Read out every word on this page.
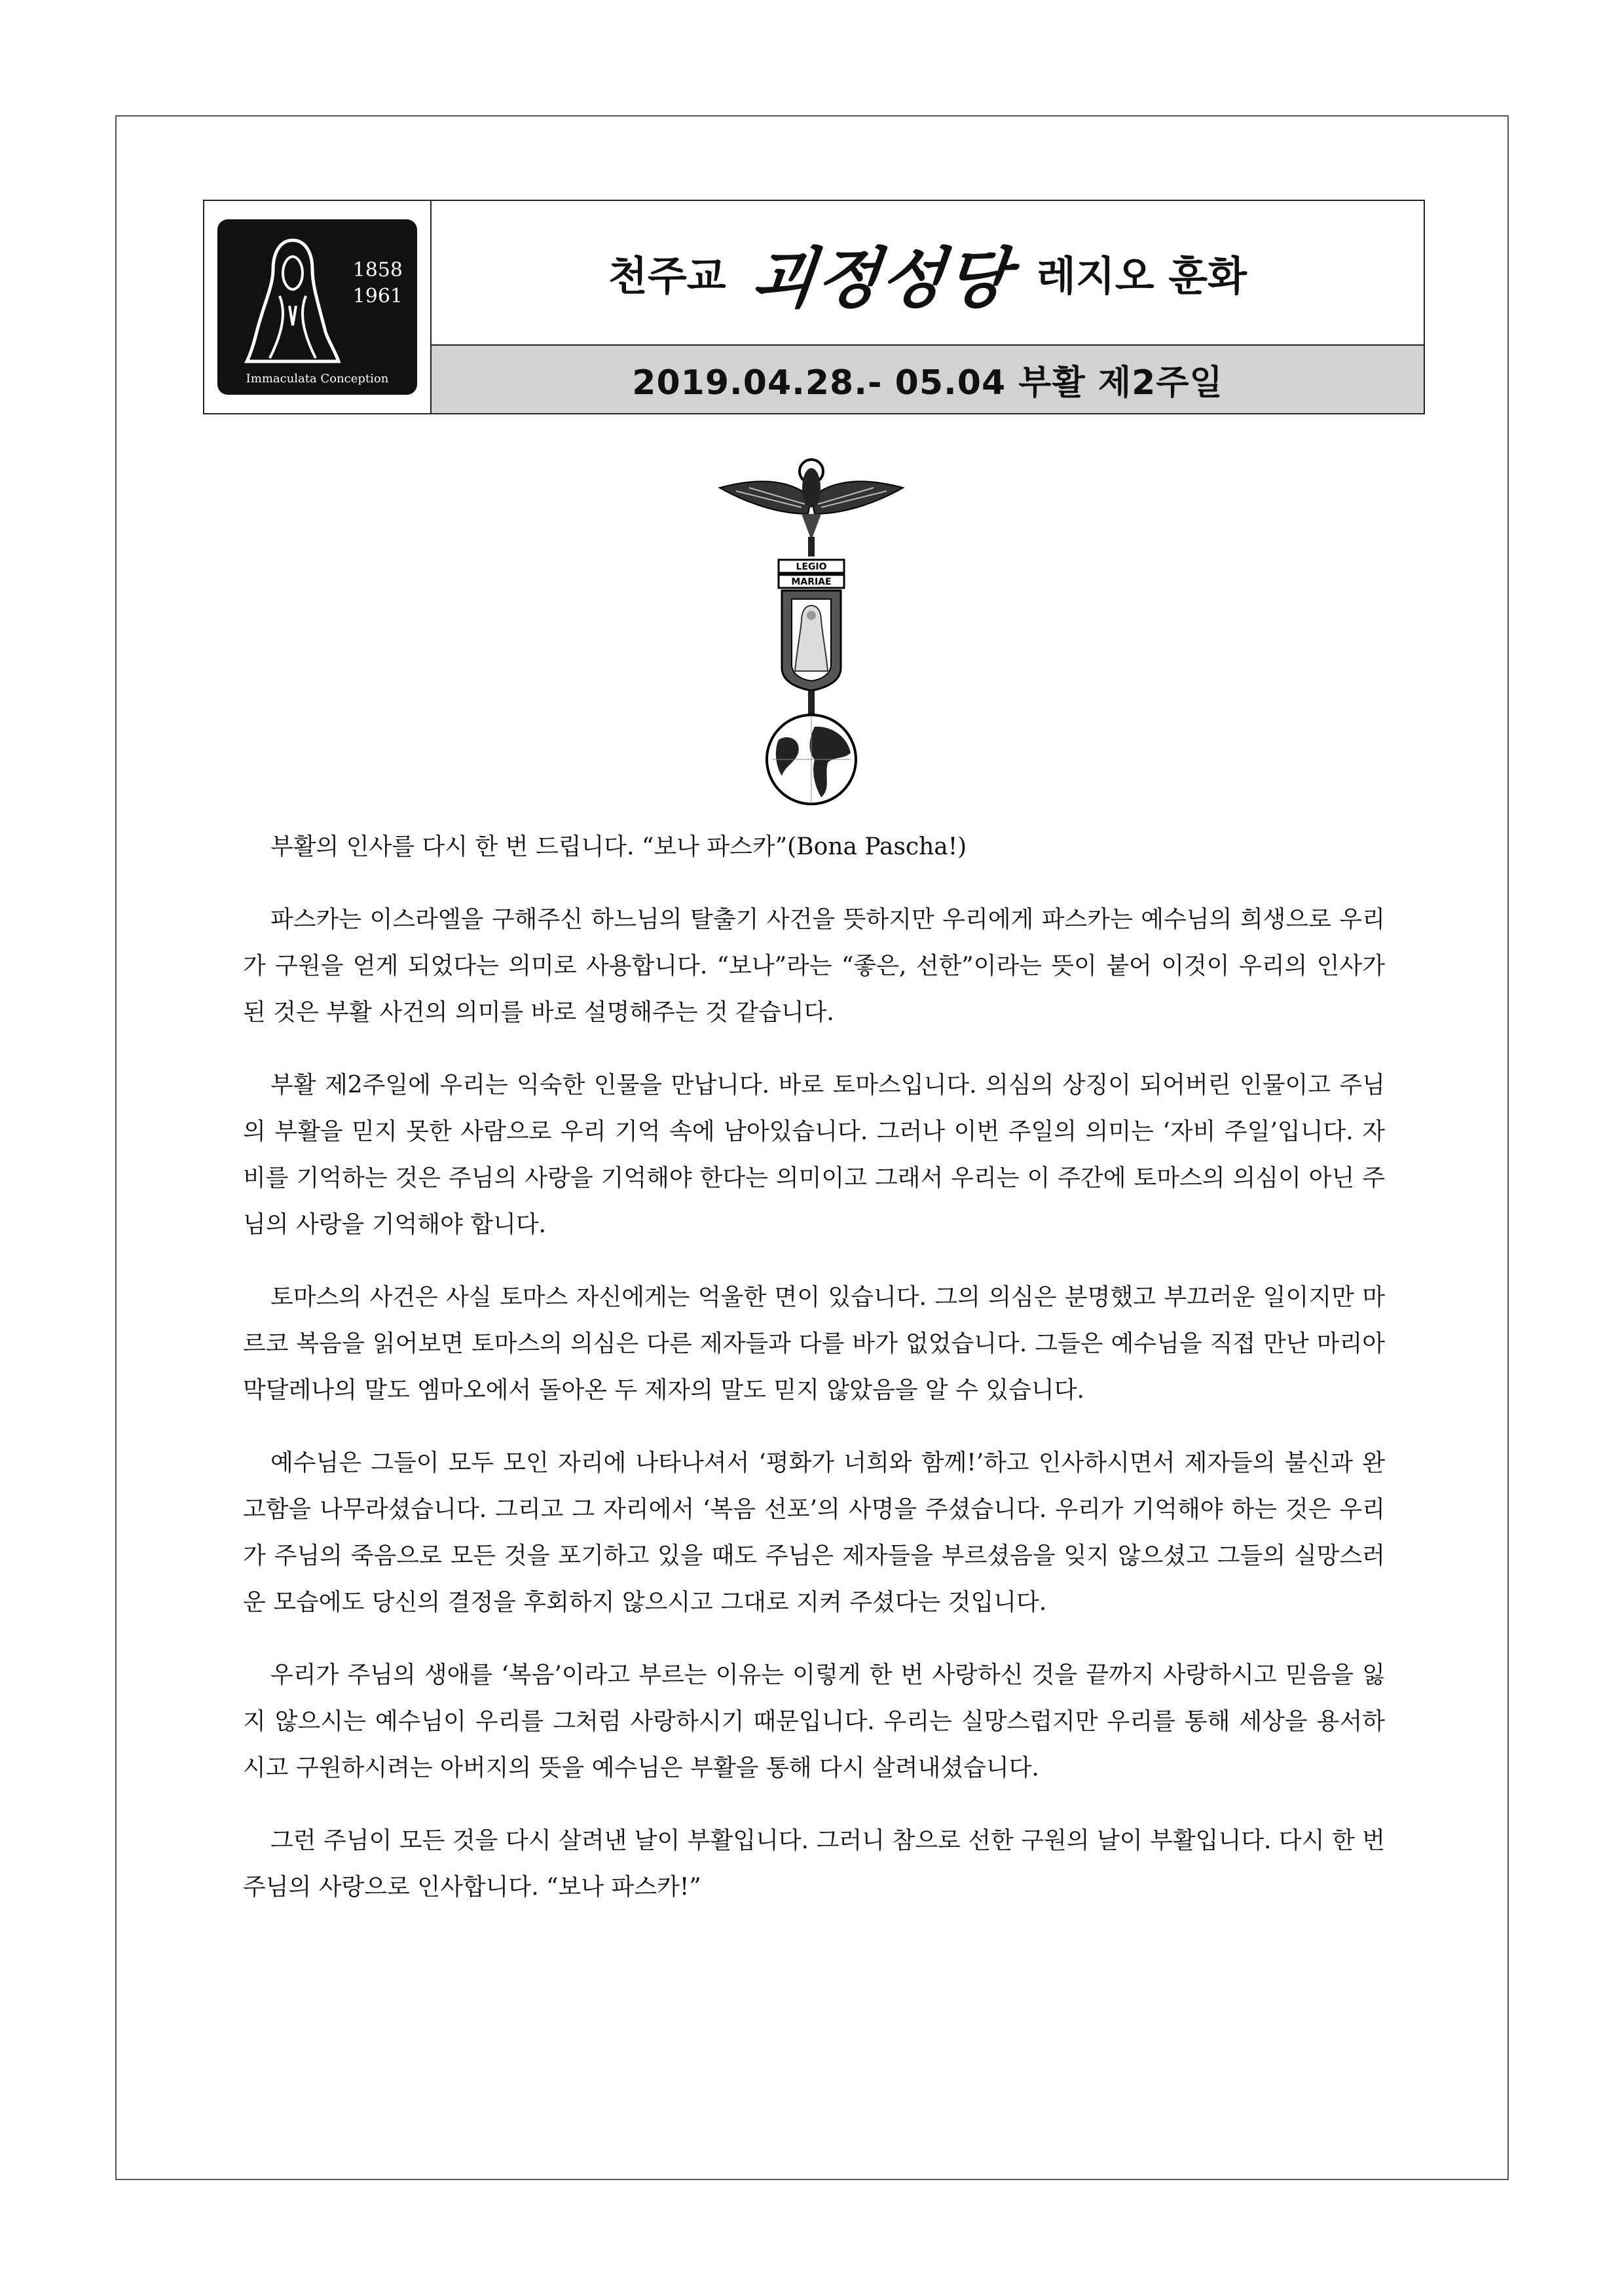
1858
1961
Immaculata Conception
천주교 괴정성당 레지오 훈화
2019.04.28.- 05.04 부활 제2주일
LEGIO
MARIAE

부활의 인사를 다시 한 번 드립니다. “보나 파스카”(Bona Pascha!)

파스카는 이스라엘을 구해주신 하느님의 탈출기 사건을 뜻하지만 우리에게 파스카는 예수님의 희생으로 우리가 구원을 얻게 되었다는 의미로 사용합니다. “보나”라는 “좋은, 선한”이라는 뜻이 붙어 이것이 우리의 인사가 된 것은 부활 사건의 의미를 바로 설명해주는 것 같습니다.

부활 제2주일에 우리는 익숙한 인물을 만납니다. 바로 토마스입니다. 의심의 상징이 되어버린 인물이고 주님의 부활을 믿지 못한 사람으로 우리 기억 속에 남아있습니다. 그러나 이번 주일의 의미는 ‘자비 주일’입니다. 자비를 기억하는 것은 주님의 사랑을 기억해야 한다는 의미이고 그래서 우리는 이 주간에 토마스의 의심이 아닌 주님의 사랑을 기억해야 합니다.

토마스의 사건은 사실 토마스 자신에게는 억울한 면이 있습니다. 그의 의심은 분명했고 부끄러운 일이지만 마르코 복음을 읽어보면 토마스의 의심은 다른 제자들과 다를 바가 없었습니다. 그들은 예수님을 직접 만난 마리아 막달레나의 말도 엠마오에서 돌아온 두 제자의 말도 믿지 않았음을 알 수 있습니다.

예수님은 그들이 모두 모인 자리에 나타나셔서 ‘평화가 너희와 함께!’하고 인사하시면서 제자들의 불신과 완고함을 나무라셨습니다. 그리고 그 자리에서 ‘복음 선포’의 사명을 주셨습니다. 우리가 기억해야 하는 것은 우리가 주님의 죽음으로 모든 것을 포기하고 있을 때도 주님은 제자들을 부르셨음을 잊지 않으셨고 그들의 실망스러운 모습에도 당신의 결정을 후회하지 않으시고 그대로 지켜 주셨다는 것입니다.

우리가 주님의 생애를 ‘복음’이라고 부르는 이유는 이렇게 한 번 사랑하신 것을 끝까지 사랑하시고 믿음을 잃지 않으시는 예수님이 우리를 그처럼 사랑하시기 때문입니다. 우리는 실망스럽지만 우리를 통해 세상을 용서하시고 구원하시려는 아버지의 뜻을 예수님은 부활을 통해 다시 살려내셨습니다.

그런 주님이 모든 것을 다시 살려낸 날이 부활입니다. 그러니 참으로 선한 구원의 날이 부활입니다. 다시 한 번 주님의 사랑으로 인사합니다. “보나 파스카!”
